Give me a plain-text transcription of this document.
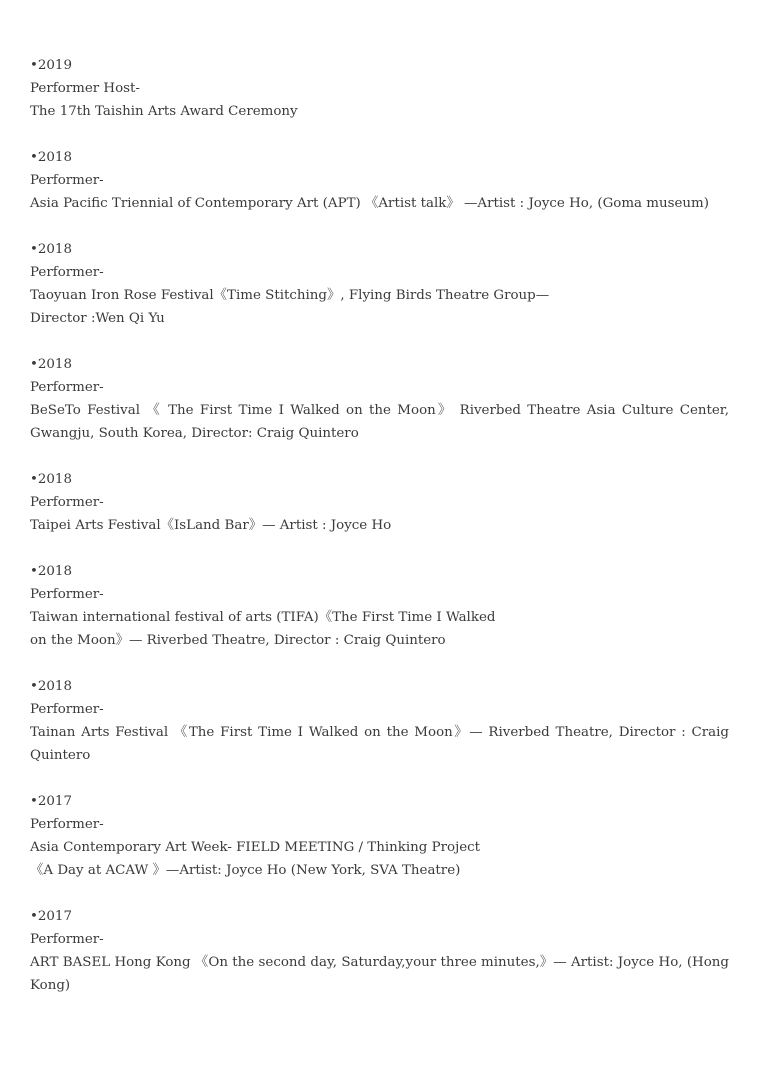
•2019
Performer Host-
The 17th Taishin Arts Award Ceremony
•2018
Performer-
Asia Pacific Triennial of Contemporary Art (APT) 《Artist talk》 —Artist : Joyce Ho, (Goma museum)
•2018
Performer-
Taoyuan Iron Rose Festival《Time Stitching》, Flying Birds Theatre Group—
Director :Wen Qi Yu
•2018
Performer-
BeSeTo Festival 《 The First Time I Walked on the Moon》 Riverbed Theatre Asia Culture Center, Gwangju, South Korea, Director: Craig Quintero
•2018
Performer-
Taipei Arts Festival《IsLand Bar》— Artist : Joyce Ho
•2018
Performer-
Taiwan international festival of arts (TIFA)《The First Time I Walked
on the Moon》— Riverbed Theatre, Director : Craig Quintero
•2018
Performer-
Tainan Arts Festival 《The First Time I Walked on the Moon》— Riverbed Theatre, Director : Craig Quintero
•2017
Performer-
Asia Contemporary Art Week- FIELD MEETING / Thinking Project
《A Day at ACAW 》—Artist: Joyce Ho (New York, SVA Theatre)
•2017
Performer-
ART BASEL Hong Kong 《On the second day, Saturday,your three minutes,》— Artist: Joyce Ho, (Hong Kong)
